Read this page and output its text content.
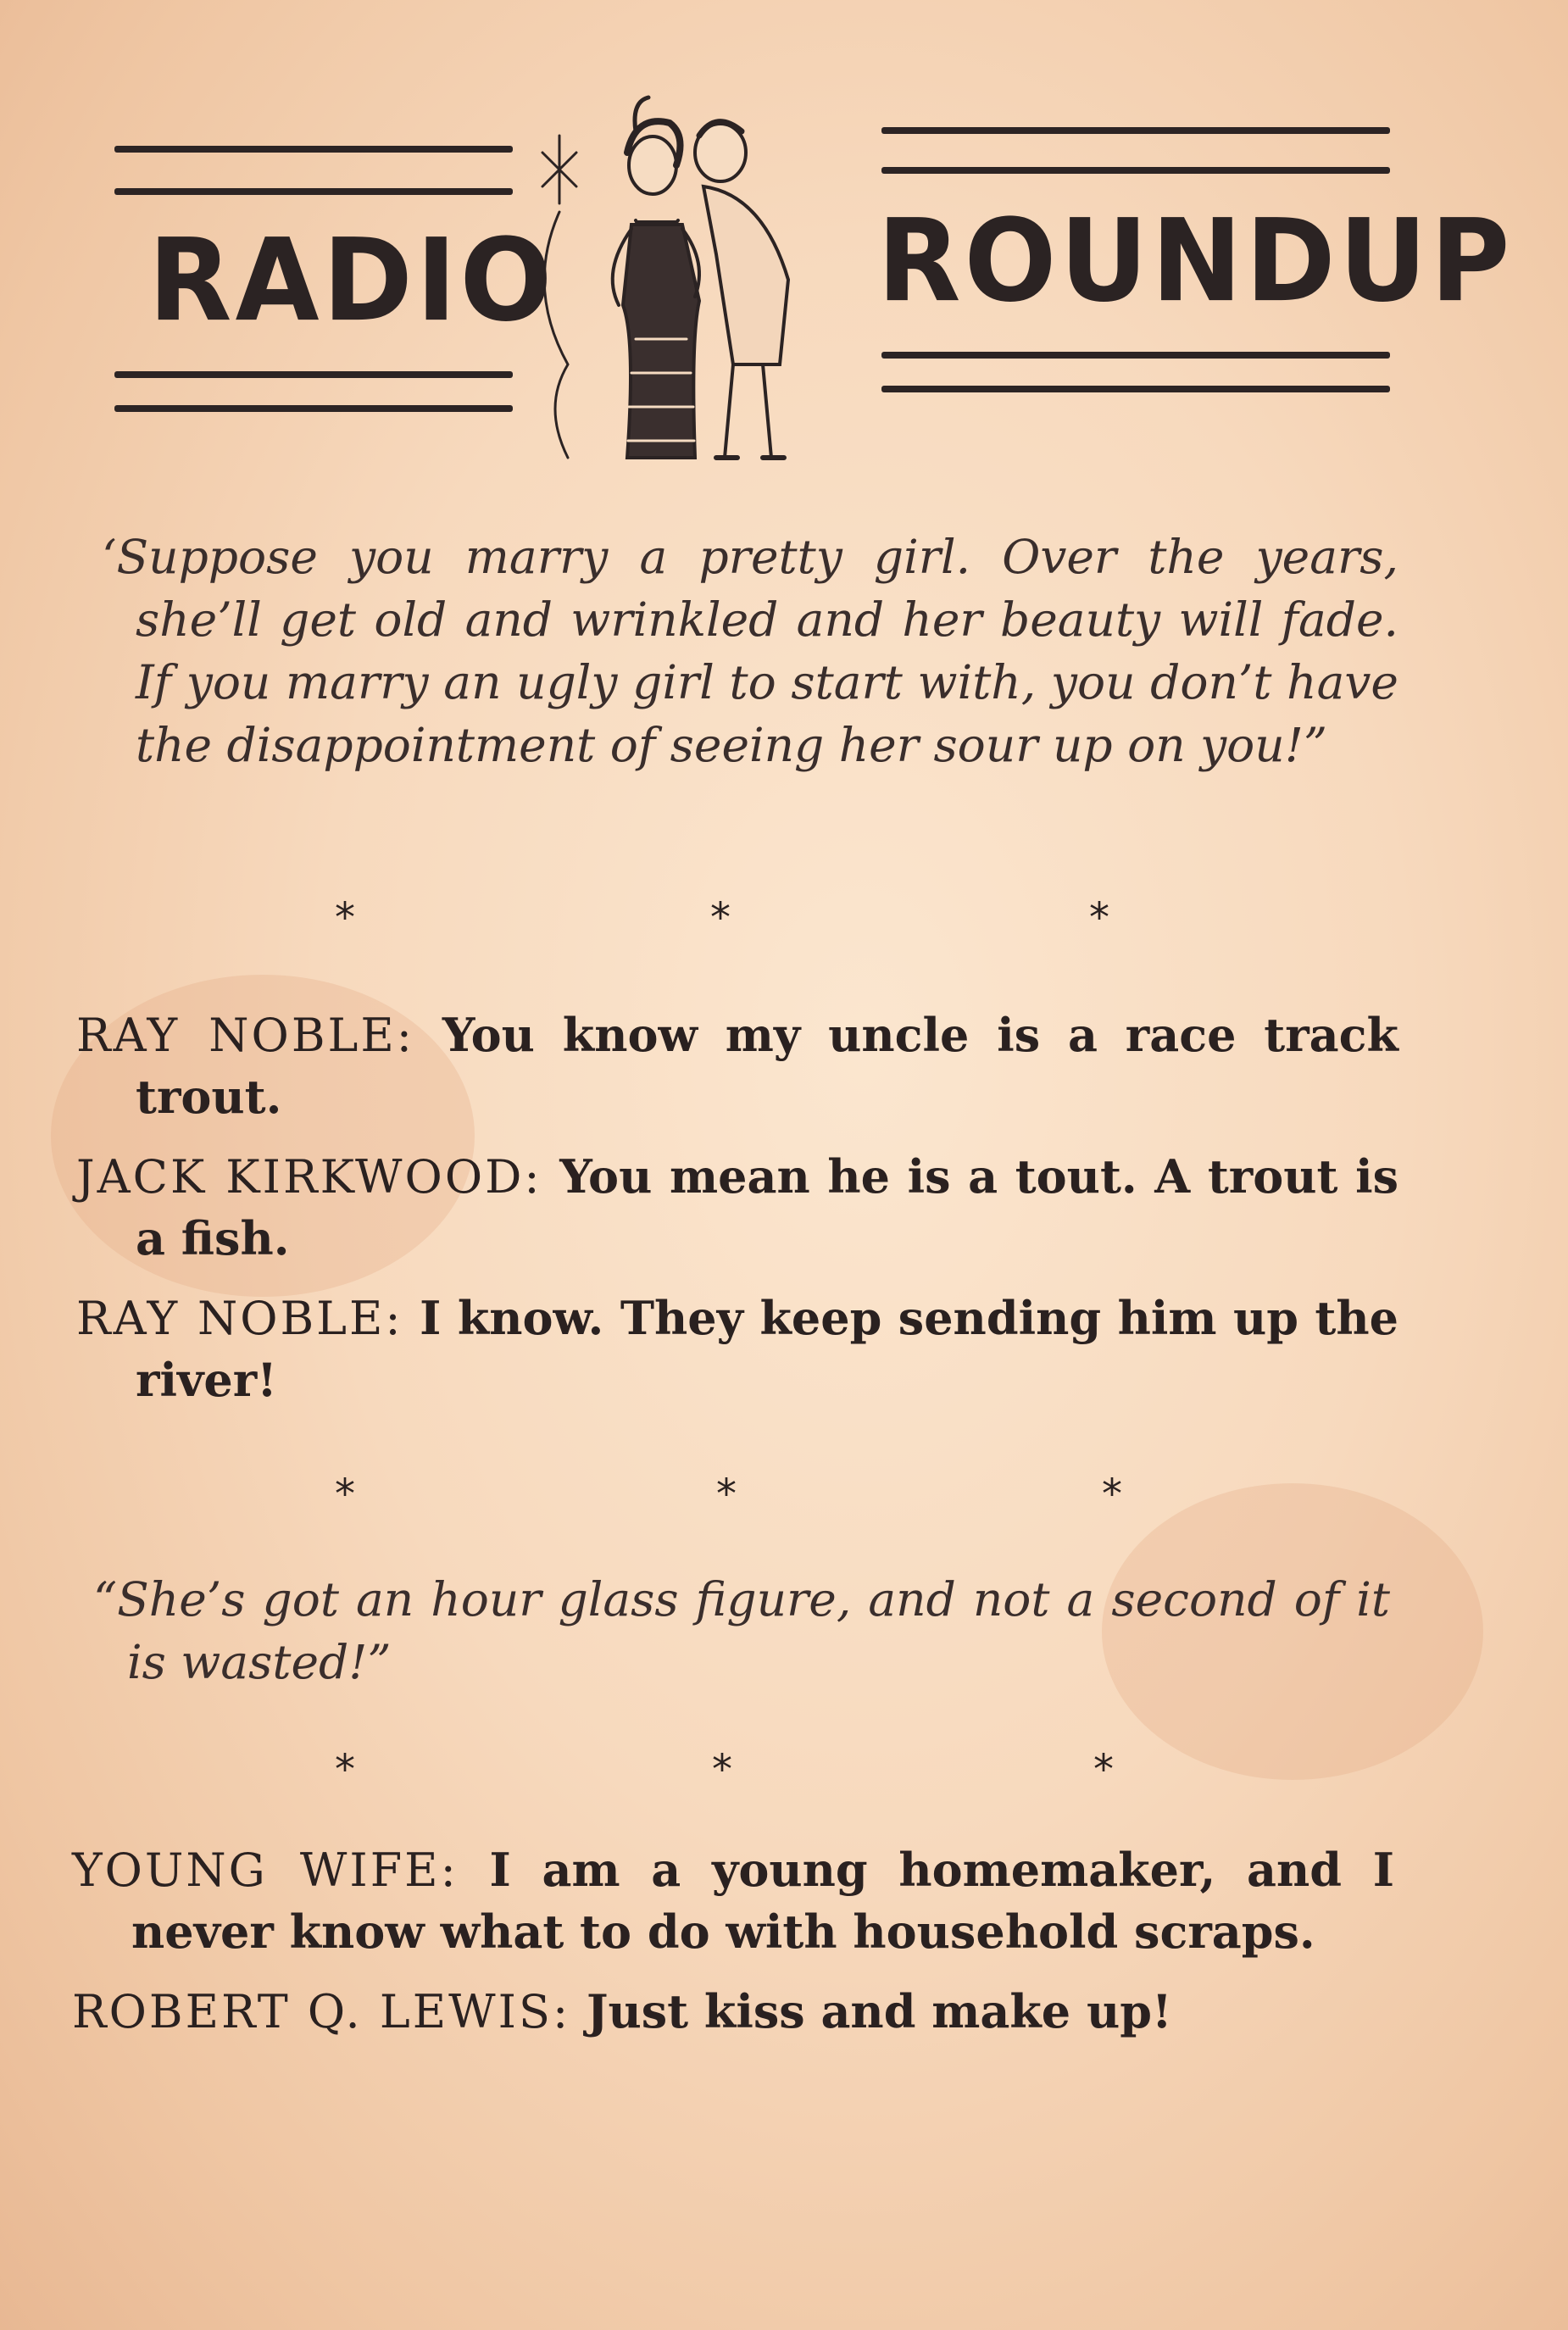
RADIO	ROUNDUP

‘Suppose you marry a pretty girl. Over the years, she’ll get old and wrinkled and her beauty will fade. If you marry an ugly girl to start with, you don’t have the disappointment of seeing her sour up on you!”

*	*	*

RAY NOBLE: You know my uncle is a race track trout.

JACK KIRKWOOD: You mean he is a tout. A trout is a fish.

RAY NOBLE: I know. They keep sending him up the river!

*	*	*

“She’s got an hour glass figure, and not a second of it is wasted!”

*	*	*

YOUNG WIFE: I am a young homemaker, and I never know what to do with household scraps.

ROBERT Q. LEWIS: Just kiss and make up!
